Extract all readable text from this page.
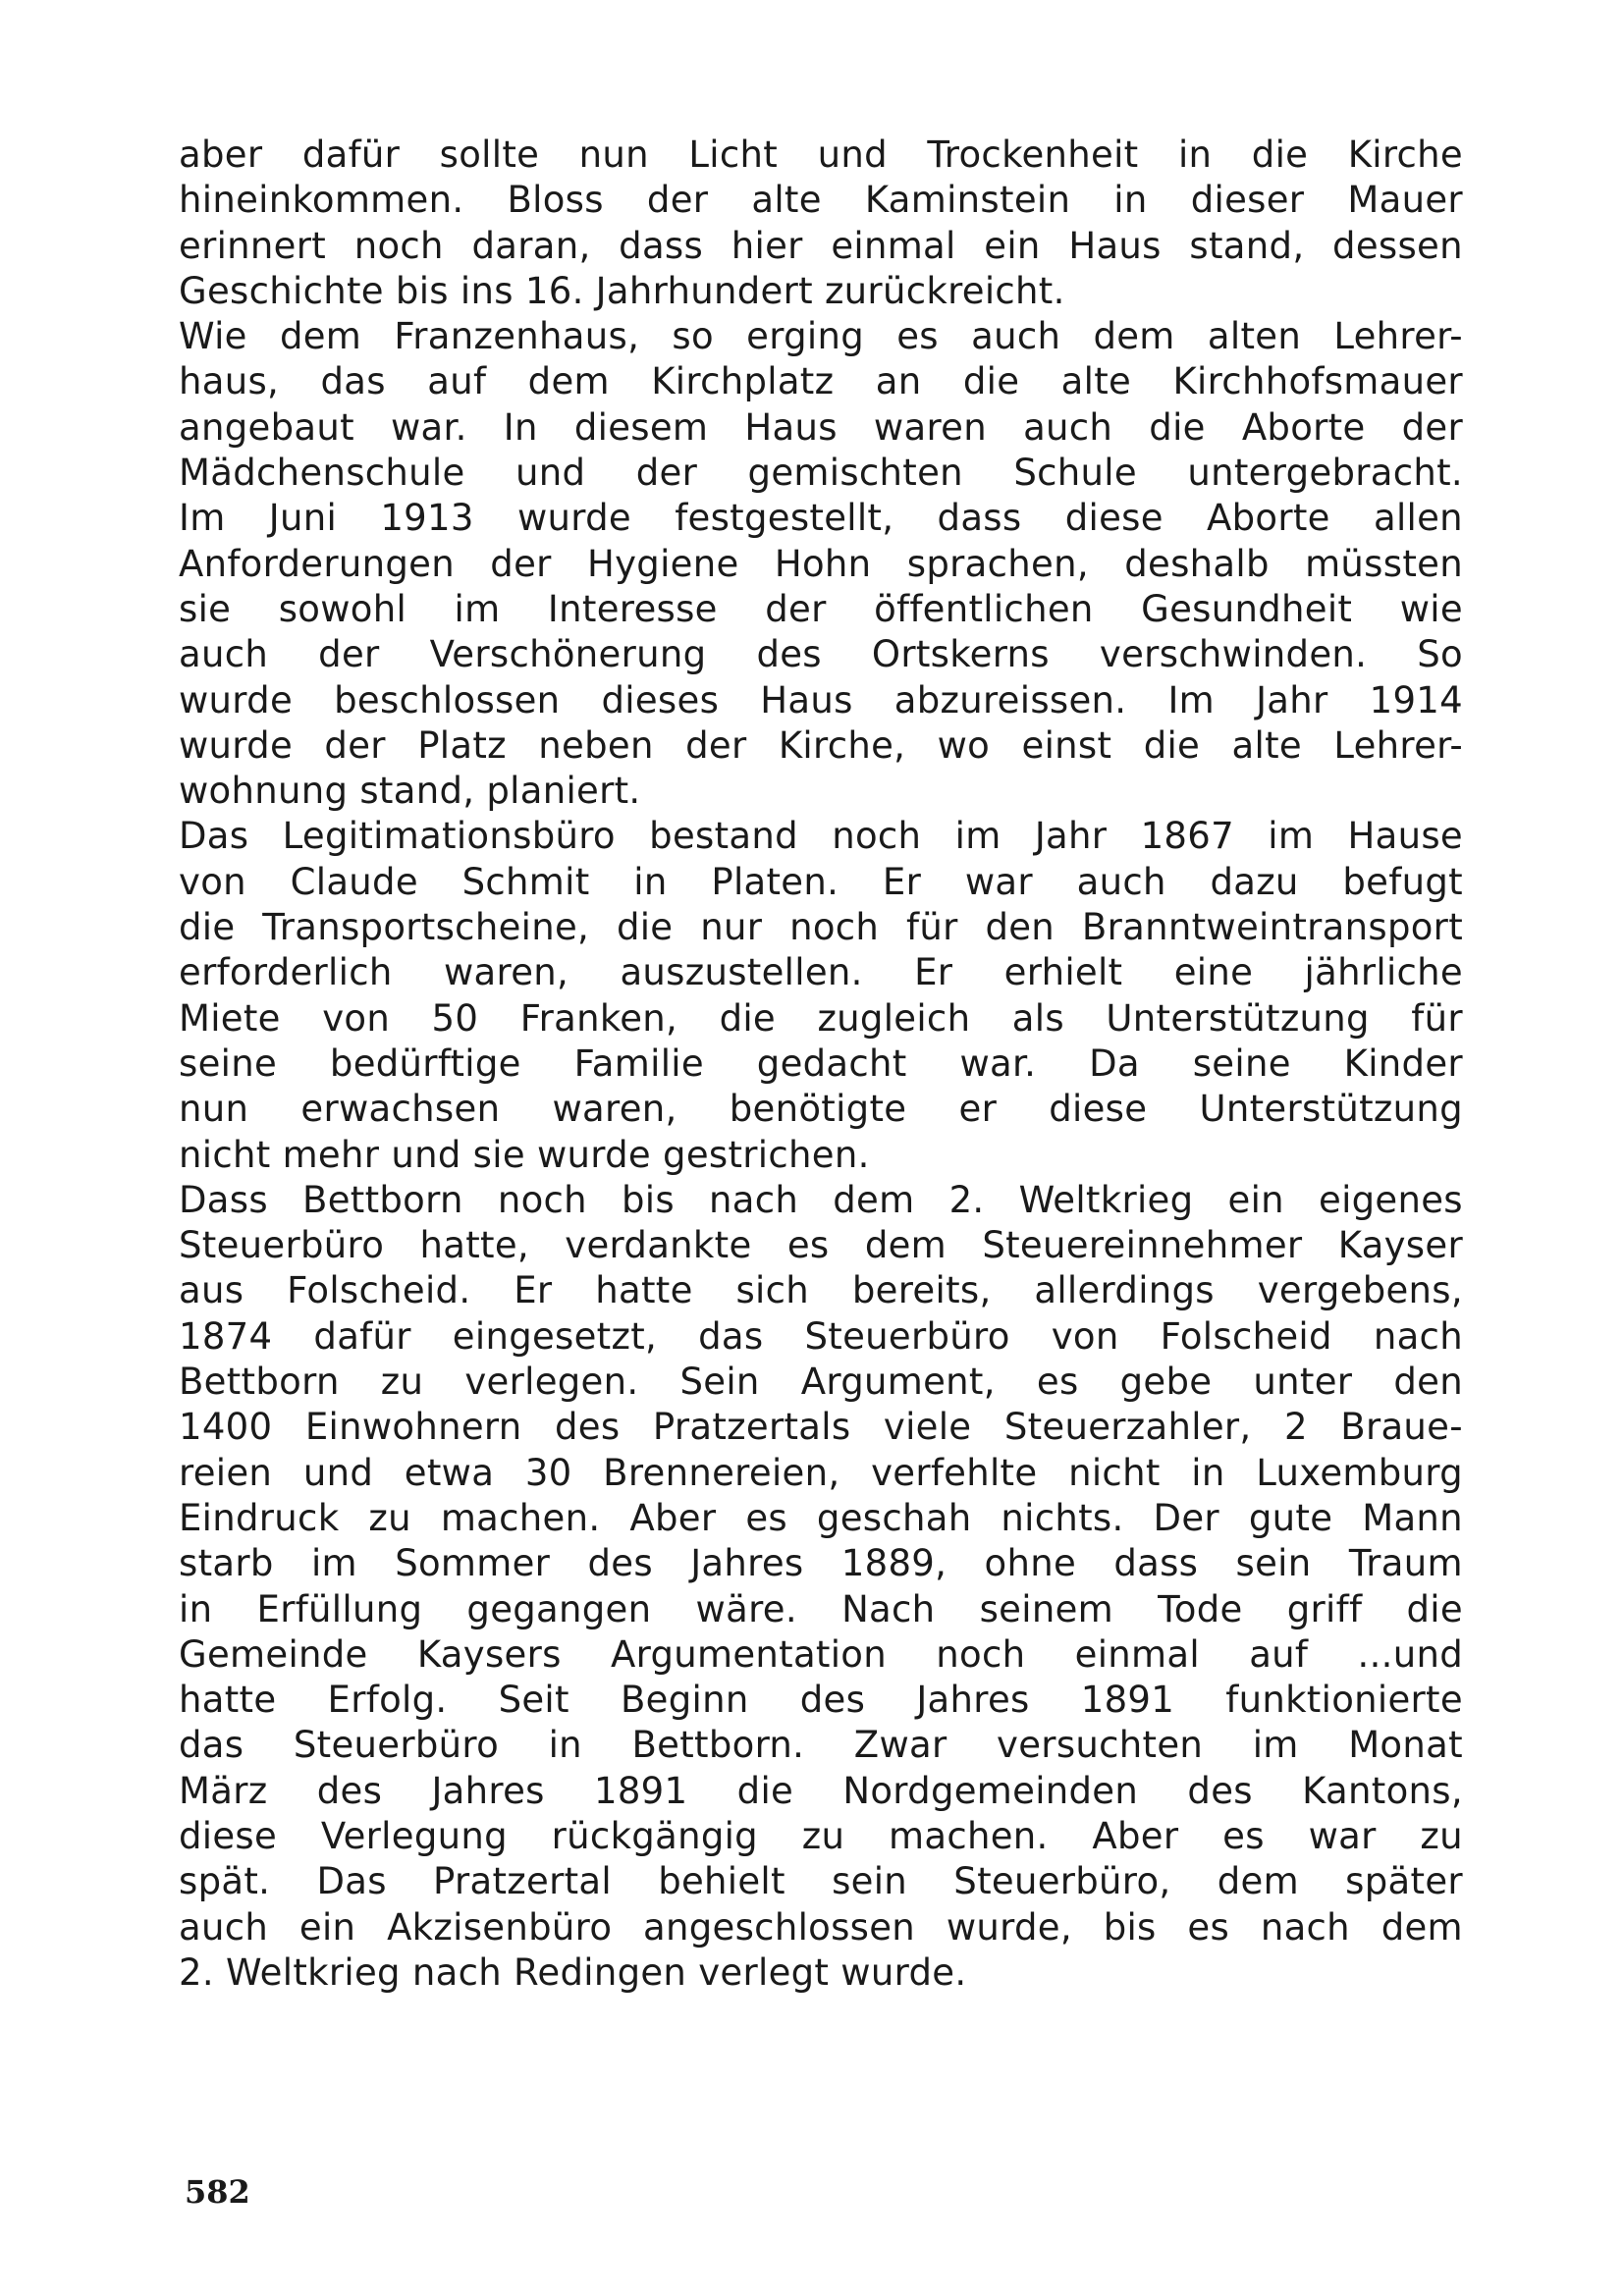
aber dafür sollte nun Licht und Trockenheit in die Kirche
hineinkommen. Bloss der alte Kaminstein in dieser Mauer
erinnert noch daran, dass hier einmal ein Haus stand, dessen
Geschichte bis ins 16. Jahrhundert zurückreicht.
Wie dem Franzenhaus, so erging es auch dem alten Lehrer-
haus, das auf dem Kirchplatz an die alte Kirchhofsmauer
angebaut war. In diesem Haus waren auch die Aborte der
Mädchenschule und der gemischten Schule untergebracht.
Im Juni 1913 wurde festgestellt, dass diese Aborte allen
Anforderungen der Hygiene Hohn sprachen, deshalb müssten
sie sowohl im Interesse der öffentlichen Gesundheit wie
auch der Verschönerung des Ortskerns verschwinden. So
wurde beschlossen dieses Haus abzureissen. Im Jahr 1914
wurde der Platz neben der Kirche, wo einst die alte Lehrer-
wohnung stand, planiert.
Das Legitimationsbüro bestand noch im Jahr 1867 im Hause
von Claude Schmit in Platen. Er war auch dazu befugt
die Transportscheine, die nur noch für den Branntweintransport
erforderlich waren, auszustellen. Er erhielt eine jährliche
Miete von 50 Franken, die zugleich als Unterstützung für
seine bedürftige Familie gedacht war. Da seine Kinder
nun erwachsen waren, benötigte er diese Unterstützung
nicht mehr und sie wurde gestrichen.
Dass Bettborn noch bis nach dem 2. Weltkrieg ein eigenes
Steuerbüro hatte, verdankte es dem Steuereinnehmer Kayser
aus Folscheid. Er hatte sich bereits, allerdings vergebens,
1874 dafür eingesetzt, das Steuerbüro von Folscheid nach
Bettborn zu verlegen. Sein Argument, es gebe unter den
1400 Einwohnern des Pratzertals viele Steuerzahler, 2 Braue-
reien und etwa 30 Brennereien, verfehlte nicht in Luxemburg
Eindruck zu machen. Aber es geschah nichts. Der gute Mann
starb im Sommer des Jahres 1889, ohne dass sein Traum
in Erfüllung gegangen wäre. Nach seinem Tode griff die
Gemeinde Kaysers Argumentation noch einmal auf ...und
hatte Erfolg. Seit Beginn des Jahres 1891 funktionierte
das Steuerbüro in Bettborn. Zwar versuchten im Monat
März des Jahres 1891 die Nordgemeinden des Kantons,
diese Verlegung rückgängig zu machen. Aber es war zu
spät. Das Pratzertal behielt sein Steuerbüro, dem später
auch ein Akzisenbüro angeschlossen wurde, bis es nach dem
2. Weltkrieg nach Redingen verlegt wurde.
582
